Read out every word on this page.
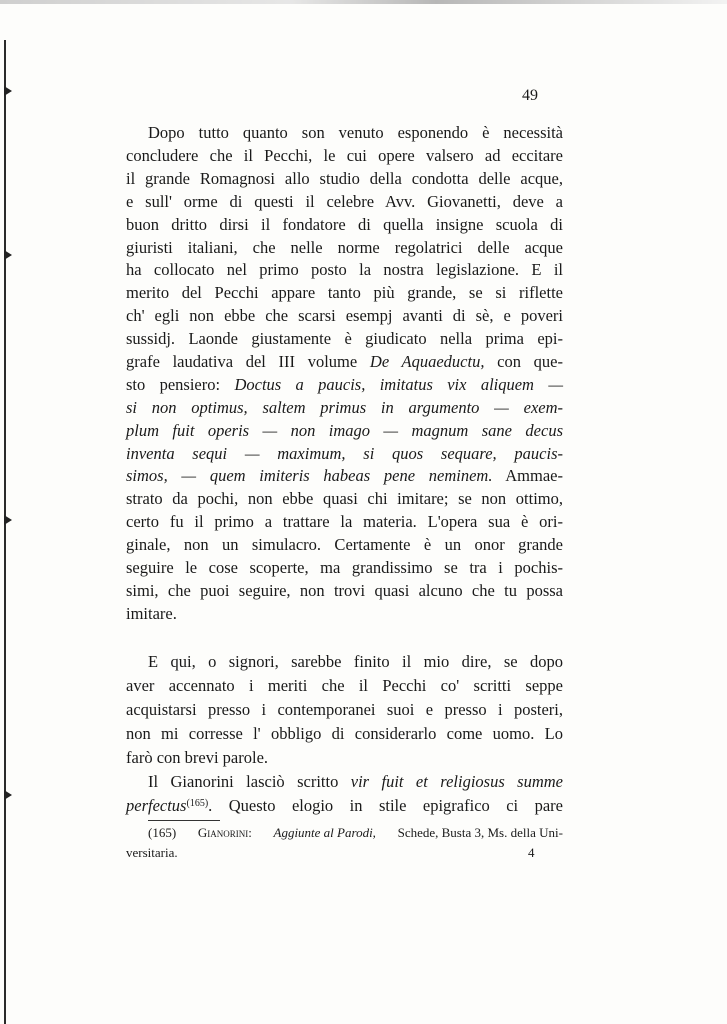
49
Dopo tutto quanto son venuto esponendo è necessità
concludere che il Pecchi, le cui opere valsero ad eccitare
il grande Romagnosi allo studio della condotta delle acque,
e sull' orme di questi il celebre Avv. Giovanetti, deve a
buon dritto dirsi il fondatore di quella insigne scuola di
giuristi italiani, che nelle norme regolatrici delle acque
ha collocato nel primo posto la nostra legislazione. E il
merito del Pecchi appare tanto più grande, se si riflette
ch' egli non ebbe che scarsi esempj avanti di sè, e poveri
sussidj. Laonde giustamente è giudicato nella prima epi-
grafe laudativa del III volume De Aquaeductu, con que-
sto pensiero: Doctus a paucis, imitatus vix aliquem —
si non optimus, saltem primus in argumento — exem-
plum fuit operis — non imago — magnum sane decus
inventa sequi — maximum, si quos sequare, paucis-
simos, — quem imiteris habeas pene neminem. Ammae-
strato da pochi, non ebbe quasi chi imitare; se non ottimo,
certo fu il primo a trattare la materia. L'opera sua è ori-
ginale, non un simulacro. Certamente è un onor grande
seguire le cose scoperte, ma grandissimo se tra i pochis-
simi, che puoi seguire, non trovi quasi alcuno che tu possa
imitare.
E qui, o signori, sarebbe finito il mio dire, se dopo
aver accennato i meriti che il Pecchi co' scritti seppe
acquistarsi presso i contemporanei suoi e presso i posteri,
non mi corresse l' obbligo di considerarlo come uomo. Lo
farò con brevi parole.
Il Gianorini lasciò scritto vir fuit et religiosus summe
perfectus$^{(165)}$. Questo elogio in stile epigrafico ci pare
(165) Gianorini: Aggiunte al Parodi, Schede, Busta 3, Ms. della Uni-
versitaria.	4
